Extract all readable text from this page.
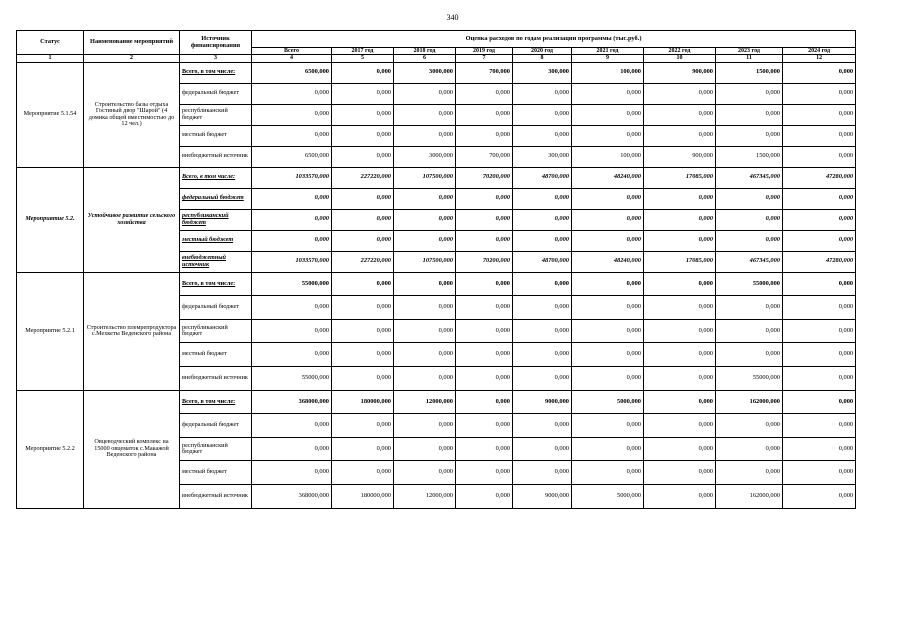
340
Статус	Наименование мероприятий	Источник финансирования	Оценка расходов по годам реализации программы (тыс.руб.)								
			Всего	2017 год	2018 год	2019 год	2020 год	2021 год	2022 год	2023 год	2024 год
1	2	3	4	5	6	7	8	9	10	11	12
Мероприятие 5.1.54	Строительство базы отдыха Гостиный двор "Шарой" (4 домика общей вместимостью до 12 чел.)	Всего, в том числе:	6500,000	0,000	3000,000	700,000	300,000	100,000	900,000	1500,000	0,000
		федеральный бюджет	0,000	0,000	0,000	0,000	0,000	0,000	0,000	0,000	0,000
		республиканский бюджет	0,000	0,000	0,000	0,000	0,000	0,000	0,000	0,000	0,000
		местный бюджет	0,000	0,000	0,000	0,000	0,000	0,000	0,000	0,000	0,000
		внебюджетный источник	6500,000	0,000	3000,000	700,000	300,000	100,000	900,000	1500,000	0,000
Мероприятие 5.2.	Устойчивое развитие сельского хозяйства	Всего, в том числе:	1033570,000	227220,000	107500,000	70200,000	48700,000	48240,000	17085,000	467345,000	47280,000
		федеральный бюджет	0,000	0,000	0,000	0,000	0,000	0,000	0,000	0,000	0,000
		республиканский бюджет	0,000	0,000	0,000	0,000	0,000	0,000	0,000	0,000	0,000
		местный бюджет	0,000	0,000	0,000	0,000	0,000	0,000	0,000	0,000	0,000
		внебюджетный источник	1033570,000	227220,000	107500,000	70200,000	48700,000	48240,000	17085,000	467345,000	47280,000
Мероприятие 5.2.1	Строительство племрепродуктора с.Мехкеты Веденского района	Всего, в том числе:	55000,000	0,000	0,000	0,000	0,000	0,000	0,000	55000,000	0,000
		федеральный бюджет	0,000	0,000	0,000	0,000	0,000	0,000	0,000	0,000	0,000
		республиканский бюджет	0,000	0,000	0,000	0,000	0,000	0,000	0,000	0,000	0,000
		местный бюджет	0,000	0,000	0,000	0,000	0,000	0,000	0,000	0,000	0,000
		внебюджетный источник	55000,000	0,000	0,000	0,000	0,000	0,000	0,000	55000,000	0,000
Мероприятие 5.2.2	Овцеводческий комплекс на 15000 овцематок с.Макажой Веденского района	Всего, в том числе:	368000,000	180000,000	12000,000	0,000	9000,000	5000,000	0,000	162000,000	0,000
		федеральный бюджет	0,000	0,000	0,000	0,000	0,000	0,000	0,000	0,000	0,000
		республиканский бюджет	0,000	0,000	0,000	0,000	0,000	0,000	0,000	0,000	0,000
		местный бюджет	0,000	0,000	0,000	0,000	0,000	0,000	0,000	0,000	0,000
		внебюджетный источник	368000,000	180000,000	12000,000	0,000	9000,000	5000,000	0,000	162000,000	0,000
